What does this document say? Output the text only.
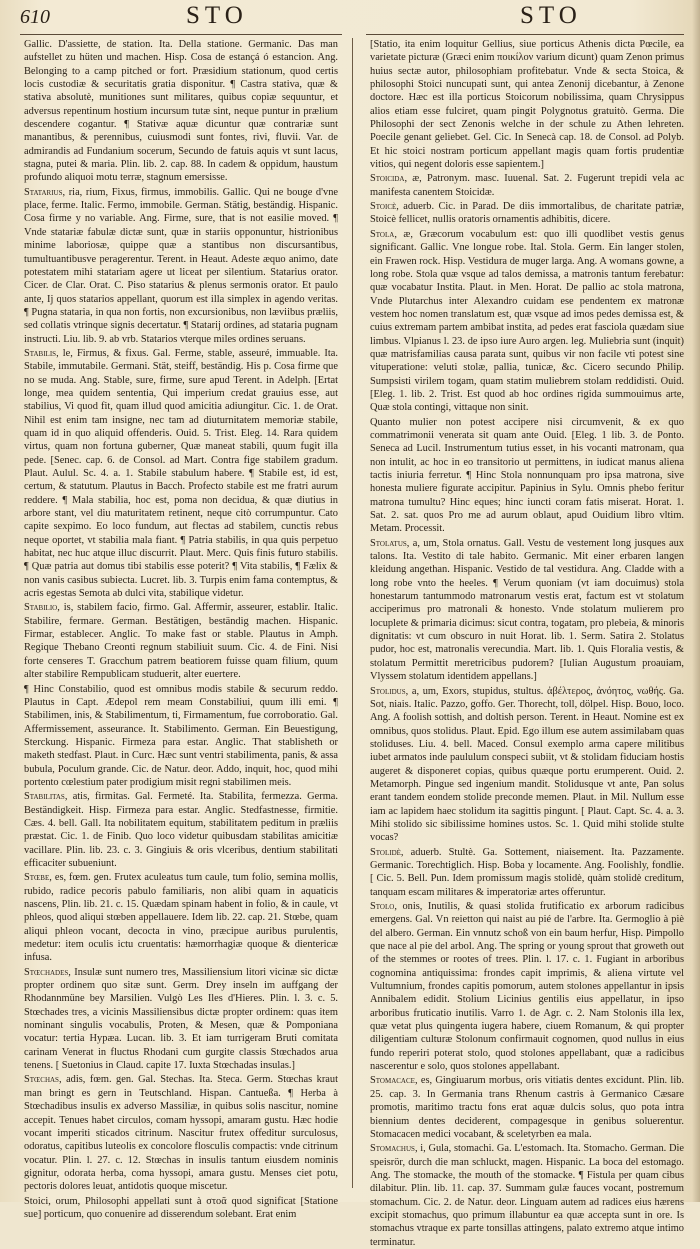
610	STO	STO

Gallic. D'assiette, de station. Ita. Della statione. Germanic. Das man aufstellet zu hüten und machen. Hisp. Cosa de estançá ó estancion. Ang. Belonging to a camp pitched or fort. Præsidium stationum, quod certis locis custodiæ & securitatis gratia disponitur. ¶ Castra stativa, quæ & stativa absolutè, munitiones sunt militares, quibus copiæ sequuntur, et adversus repentinum hostium incursum tutæ sint, neque puntur in prælium descendere cogantur. ¶ Stativæ aquæ dicuntur quæ contrariæ sunt manantibus, & perennibus, cuiusmodi sunt fontes, rivi, fluvii. Var. de admirandis ad Fundanium socerum, Secundo de fatuis aquis vt sunt lacus, stagna, putei & maria. Plin. lib. 2. cap. 88. In cadem & oppidum, haustum profundo aliquoi motu terræ, stagnum emersisse.

Statarius, ria, rium, Fixus, firmus, immobilis. Gallic. Qui ne bouge d'vne place, ferme. Italic. Fermo, immobile. German. Stätig, beständig. Hispanic. Cosa firme y no variable. Ang. Firme, sure, that is not easilie moved. ¶ Vnde statariæ fabulæ dictæ sunt, quæ in stariis opponuntur, histrionibus minime laboriosæ, quippe quæ a stantibus non discursantibus, tumultuantibusve peragerentur. Terent. in Heaut. Adeste æquo animo, date potestatem mihi statariam agere ut liceat per silentium. Statarius orator. Cicer. de Clar. Orat. C. Piso statarius & plenus sermonis orator. Et paulo ante, Ij quos statarios appellant, quorum est illa simplex in agendo veritas. ¶ Pugna stataria, in qua non fortis, non excursionibus, non læviibus præliis, sed collatis vtrinque signis decertatur. ¶ Statarij ordines, ad stataria pugnam instructi. Liu. lib. 9. ab vrb. Statarios vterque miles ordines seruans.

Stabilis, le, Firmus, & fixus. Gal. Ferme, stable, asseuré, immuable. Ita. Stabile, immutabile. Germani. Stät, steiff, beständig. His p. Cosa firme que no se muda. Ang. Stable, sure, firme, sure apud Terent. in Adelph. [Ertat longe, mea quidem sententia, Qui imperium credat grauius esse, aut stabilius, Vi quod fit, quam illud quod amicitia adiungitur. Cic. 1. de Orat. Nihil est enim tam insigne, nec tam ad diuturnitatem memoriæ stabile, quam id in quo aliquid offenderis. Ouid. 5. Trist. Eleg. 14. Rara quidem virtus, quam non fortuna guberner, Quæ maneat stabili, quum fugit illa pede. [Senec. cap. 6. de Consol. ad Mart. Contra fige stabilem gradum. Plaut. Aulul. Sc. 4. a. 1. Stabile stabulum habere. ¶ Stabile est, id est, certum, & statutum. Plautus in Bacch. Profecto stabile est me fratri aurum reddere. ¶ Mala stabilia, hoc est, poma non decidua, & quæ diutius in arbore stant, vel diu maturitatem retinent, neque citò corrumpuntur. Cato capite sexpimo. Eo loco fundum, aut flectas ad stabilem, cunctis rebus neque oportet, vt stabilia mala fiant. ¶ Patria stabilis, in qua quis perpetuo habitat, nec huc atque illuc discurrit. Plaut. Merc. Quis finis futuro stabilis. ¶ Quæ patria aut domus tibi stabilis esse poterit? ¶ Vita stabilis, ¶ Fælix & non vanis casibus subiecta. Lucret. lib. 3. Turpis enim fama contemptus, & acris egestas Semota ab dulci vita, stabilique videtur.

Stabilio, is, stabilem facio, firmo. Gal. Affermir, asseurer, establir. Italic. Stabilire, fermare. German. Bestätigen, beständig machen. Hispanic. Firmar, establecer. Anglic. To make fast or stable. Plautus in Amph. Regique Thebano Creonti regnum stabiliuit suum. Cic. 4. de Fini. Nisi forte censeres T. Gracchum patrem beatiorem fuisse quam filium, quum alter stabilire Rempublicam studuerit, alter euertere.

¶ Hinc Constabilio, quod est omnibus modis stabile & securum reddo. Plautus in Capt. Ædepol rem meam Constabiliui, quum illi emi. ¶ Stabilimen, inis, & Stabilimentum, ti, Firmamentum, fue corroboratio. Gal. Affermissement, asseurance. It. Stabilimento. German. Ein Beuestigung, Sterckung. Hispanic. Firmeza para estar. Anglic. That stablisheth or maketh stedfast. Plaut. in Curc. Hæc sunt ventri stabilimenta, panis, & assa bubula, Poculum grande. Cic. de Natur. deor. Addo, inquit, hoc, quod mihi portento cœlestium pater prodigium misit regni stabilimen meis.

Stabilitas, atis, firmitas. Gal. Fermeté. Ita. Stabilita, fermezza. Germa. Beständigkeit. Hisp. Firmeza para estar. Anglic. Stedfastnesse, firmitie. Cæs. 4. bell. Gall. Ita nobilitatem equitum, stabilitatem peditum in præliis præstat. Cic. 1. de Finib. Quo loco videtur quibusdam stabilitas amicitiæ vacillare. Plin. lib. 23. c. 3. Gingiuis & oris vlceribus, dentium stabilitati efficaciter subueniunt.

Stœbe, es, fœm. gen. Frutex aculeatus tum caule, tum folio, semina mollis, rubido, radice pecoris pabulo familiaris, non alibi quam in aquaticis nascens, Plin. lib. 21. c. 15. Quædam spinam habent in folio, & in caule, vt phleos, quod aliqui stœben appellauere. Idem lib. 22. cap. 21. Stœbe, quam aliqui phleon vocant, decocta in vino, præcipue auribus purulentis, medetur: item oculis ictu cruentatis: hæmorrhagiæ quoque & dientericæ infusa.

Stœchades, Insulæ sunt numero tres, Massiliensium litori vicinæ sic dictæ propter ordinem quo sitæ sunt. Germ. Drey inseln im auffgang der Rhodannmüne bey Marsilien. Vulgò Les Iles d'Hieres. Plin. l. 3. c. 5. Stœchades tres, a vicinis Massiliensibus dictæ propter ordinem: quas item nominant singulis vocabulis, Proten, & Mesen, quæ & Pomponiana vocatur: tertia Hypæa. Lucan. lib. 3. Et iam turrigeram Bruti comitata carinam Venerat in fluctus Rhodani cum gurgite classis Stœchados arua tenens. [ Suetonius in Claud. capite 17. Iuxta Stœchadas insulas.]

Stœchas, adis, fœm. gen. Gal. Stechas. Ita. Steca. Germ. Stœchas kraut man bringt es gern in Teutschland. Hispan. Cantueßa. ¶ Herba à Stœchadibus insulis ex adverso Massiliæ, in quibus solis nascitur, nomine accepit. Tenues habet circulos, comam hyssopi, amaram gustu. Hæc hodie vocant imperiti sticados citrinum. Nascitur frutex offeditur surculosus, odoratus, capitibus luteolis ex concolore flosculis compactis: vnde citrinum vocatur. Plin. l. 27. c. 12. Stœchas in insulis tantum eiusdem nominis gignitur, odorata herba, coma hyssopi, amara gustu. Menses ciet potu, pectoris dolores leuat, antidotis quoque miscetur.

Stoici, orum, Philosophi appellati sunt à στοᾶ quod significat [Statione sue] porticum, quo conuenire ad disserendum solebant. Erat enim

[Statio, ita enim loquitur Gellius, siue porticus Athenis dicta Pœcile, ea varietate picturæ (Græci enim ποικίλον varium dicunt) quam Zenon primus huius sectæ autor, philosophiam profitebatur. Vnde & secta Stoica, & philosophi Stoici nuncupati sunt, qui antea Zenonij dicebantur, à Zenone doctore. Hæc est illa porticus Stoicorum nobilissima, quam Chrysippus alios etiam esse fulciret, quam pingit Polygnotus gratuitò. Germa. Die Philosophi der sect Zenonis welche in der schule zu Athen lehreten. Poecile genant geliebet. Gel. Cic. In Senecà cap. 18. de Consol. ad Polyb. Et hic stoici nostram porticum appellant magis quam fortis prudentiæ vitios, qui negent doloris esse sapientem.]

Stoicida, æ, Patronym. masc. Iuuenal. Sat. 2. Fugerunt trepidi vela ac manifesta canentem Stoicidæ.

Stoicè, aduerb. Cic. in Parad. De diis immortalibus, de charitate patriæ, Stoicè fellicet, nullis oratoris ornamentis adhibitis, dicere.

Stola, æ, Græcorum vocabulum est: quo illi quodlibet vestis genus significant. Gallic. Vne longue robe. Ital. Stola. Germ. Ein langer stolen, ein Frawen rock. Hisp. Vestidura de muger larga. Ang. A womans gowne, a long robe. Stola quæ vsque ad talos demissa, a matronis tantum ferebatur: quæ vocabatur Instita. Plaut. in Men. Horat. De pallio ac stola matrona, Vnde Plutarchus inter Alexandro cuidam ese pendentem ex matronæ vestem hoc nomen translatum est, quæ vsque ad imos pedes demissa est, & cuius extremam partem ambibat instita, ad pedes erat fasciola quædam siue limbus. Vlpianus l. 23. de ipso iure Auro argen. leg. Muliebria sunt (inquit) quæ matrisfamilias causa parata sunt, quibus vir non facile vti potest sine vituperatione: veluti stolæ, pallia, tunicæ, &c. Cicero secundo Philip. Sumpsisti virilem togam, quam statim muliebrem stolam reddidisti. Ouid. [Eleg. 1. lib. 2. Trist. Est quod ab hoc ordines rigida summouimus arte, Quæ stola contingi, vittaque non sinit.

Quanto mulier non potest accipere nisi circumvenit, & ex quo commatrimonii venerata sit quam ante Ouid. [Eleg. 1 lib. 3. de Ponto. Seneca ad Lucil. Instrumentum tutius esset, in his vocanti matronam, qua non intulit, ac hoc in eo transitorio ut permittens, in iudicat manus aliena tactis iniuria ferretur. ¶ Hinc Stola nonnunquam pro ipsa matrona, sive honesta muliere figurate accipitur. Papinius in Sylu. Omnis phebo feritur matrona tumultu? Hinc eques; hinc iuncti coram fatis miserat. Horat. 1. Sat. 2. sat. quos Pro me ad aurum oblaut, apud Ouidium libro vltim. Metam. Processit.

Stolatus, a, um, Stola ornatus. Gall. Vestu de vestement long jusques aux talons. Ita. Vestito di tale habito. Germanic. Mit einer erbaren langen kleidung angethan. Hispanic. Vestido de tal vestidura. Ang. Cladde with a long robe vnto the heeles. ¶ Verum quoniam (vt iam docuimus) stola honestarum tantummodo matronarum vestis erat, factum est vt stolatum acciperimus pro matronali & honesto. Vnde stolatum mulierem pro locuplete & primaria dicimus: sicut contra, togatam, pro plebeia, & minoris dignitatis: vt cum obscuro in nuit Horat. lib. 1. Serm. Satira 2. Stolatus pudor, hoc est, matronalis verecundia. Mart. lib. 1. Quis Floralia vestis, & stolatum Permittit meretricibus pudorem? [Iulian Augustum proauiam, Vlyssem stolatum identidem appellans.]

Stolidus, a, um, Exors, stupidus, stultus. ἀβέλτερος, ἀνόητος, νωθής. Ga. Sot, niais. Italic. Pazzo, goffo. Ger. Thorecht, toll, dölpel. Hisp. Bouo, loco. Ang. A foolish sottish, and doltish person. Terent. in Heaut. Nomine est ex omnibus, quos stolidus. Plaut. Epid. Ego illum ese autem assimilabam quas stoliduses. Liu. 4. bell. Maced. Consul exemplo arma capere militibus iubet armatos inde paululum conspeci subiit, vt & stolidam fiduciam hostis augeret & disponeret copias, quibus quæque portu erumperent. Ouid. 2. Metamorph. Pingue sed ingenium mandit. Stolidusque vt ante, Pan solus erant tandem eondem stolide preconde memen. Plaut. in Mil. Nullum esse iam ac lapidem haec stolidum ita sagittis pingunt. [ Plaut. Capt. Sc. 4. a. 3. Mihi stolido sic sibilissime homines ustos. Sc. 1. Quid mihi stolide stulte vocas?

Stolidè, aduerb. Stultè. Ga. Sottement, niaisement. Ita. Pazzamente. Germanic. Torechtiglich. Hisp. Boba y locamente. Ang. Foolishly, fondlie. [ Cic. 5. Bell. Pun. Idem promissum magis stolidè, quàm stolidè creditum, tanquam escam militares & imperatoriæ artes offeruntur.

Stolo, onis, Inutilis, & quasi stolida frutificatio ex arborum radicibus emergens. Gal. Vn reietton qui naist au pié de l'arbre. Ita. Germoglio à piè del albero. German. Ein vnnutz schoß von ein baum herfur, Hisp. Pimpollo que nace al pie del arbol. Ang. The spring or young sprout that groweth out of the stemmes or rootes of trees. Plin. l. 17. c. 1. Fugiant in arboribus cognomina antiquissima: frondes capit imprimis, & aliena virtute vel Vultumnium, frondes capitis pomorum, autem stolones appellantur in ipsis Annibalem edidit. Stolium Licinius gentilis eius appellatur, in ipso arboribus fruticatio inutilis. Varro 1. de Agr. c. 2. Nam Stolonis illa lex, quæ vetat plus quingenta iugera habere, ciuem Romanum, & qui propter diligentiam culturæ Stolonum confirmauit cognomen, quod nullus in eius fundo reperiri poterat stolo, quod stolones appellabant, quæ a radicibus nascerentur e solo, quos stolones appellabant.

Stomacace, es, Gingiuarum morbus, oris vitiatis dentes excidunt. Plin. lib. 25. cap. 3. In Germania trans Rhenum castris à Germanico Cæsare promotis, maritimo tractu fons erat aquæ dulcis solus, quo pota intra biennium dentes deciderent, compagesque in genibus soluerentur. Stomacacen medici vocabant, & sceletyrben ea mala.

Stomachus, i, Gula, stomachi. Ga. L'estomach. Ita. Stomacho. German. Die speisrör, durch die man schluckt, magen. Hispanic. La boca del estomago. Ang. The stomacke, the mouth of the stomacke. ¶ Fistula per quam cibus dilabitur. Plin. lib. 11. cap. 37. Summam gulæ fauces vocant, postremum stomachum. Cic. 2. de Natur. deor. Linguam autem ad radices eius hærens excipit stomachus, quo primum illabuntur ea quæ accepta sunt in ore. Is stomachus vtraque ex parte tonsillas attingens, palato extremo atque intimo terminatur.
